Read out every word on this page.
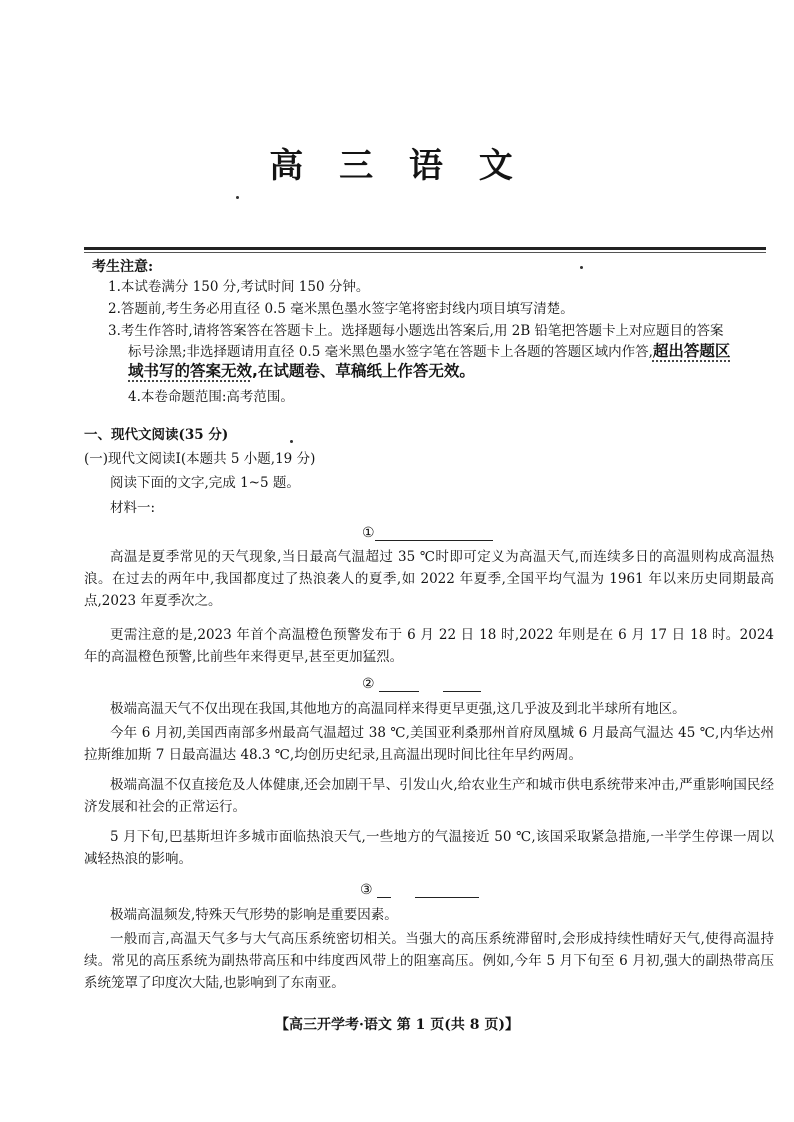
高 三 语 文
考生注意:
1.本试卷满分 150 分,考试时间 150 分钟。
2.答题前,考生务必用直径 0.5 毫米黑色墨水签字笔将密封线内项目填写清楚。
3.考生作答时,请将答案答在答题卡上。选择题每小题选出答案后,用 2B 铅笔把答题卡上对应题目的答案
标号涂黑;非选择题请用直径 0.5 毫米黑色墨水签字笔在答题卡上各题的答题区域内作答,超出答题区
域书写的答案无效,在试题卷、草稿纸上作答无效。
4.本卷命题范围:高考范围。
一、现代文阅读(35 分)
(一)现代文阅读Ⅰ(本题共 5 小题,19 分)
阅读下面的文字,完成 1~5 题。
材料一:
①
高温是夏季常见的天气现象,当日最高气温超过 35 ℃时即可定义为高温天气,而连续多日的高温则构成高温热浪。在过去的两年中,我国都度过了热浪袭人的夏季,如 2022 年夏季,全国平均气温为 1961 年以来历史同期最高点,2023 年夏季次之。
更需注意的是,2023 年首个高温橙色预警发布于 6 月 22 日 18 时,2022 年则是在 6 月 17 日 18 时。2024 年的高温橙色预警,比前些年来得更早,甚至更加猛烈。
②
极端高温天气不仅出现在我国,其他地方的高温同样来得更早更强,这几乎波及到北半球所有地区。
今年 6 月初,美国西南部多州最高气温超过 38 ℃,美国亚利桑那州首府凤凰城 6 月最高气温达 45 ℃,内华达州拉斯维加斯 7 日最高温达 48.3 ℃,均创历史纪录,且高温出现时间比往年早约两周。
极端高温不仅直接危及人体健康,还会加剧干旱、引发山火,给农业生产和城市供电系统带来冲击,严重影响国民经济发展和社会的正常运行。
5 月下旬,巴基斯坦许多城市面临热浪天气,一些地方的气温接近 50 ℃,该国采取紧急措施,一半学生停课一周以减轻热浪的影响。
③
极端高温频发,特殊天气形势的影响是重要因素。
一般而言,高温天气多与大气高压系统密切相关。当强大的高压系统滞留时,会形成持续性晴好天气,使得高温持续。常见的高压系统为副热带高压和中纬度西风带上的阻塞高压。例如,今年 5 月下旬至 6 月初,强大的副热带高压系统笼罩了印度次大陆,也影响到了东南亚。
【高三开学考·语文 第 1 页(共 8 页)】
